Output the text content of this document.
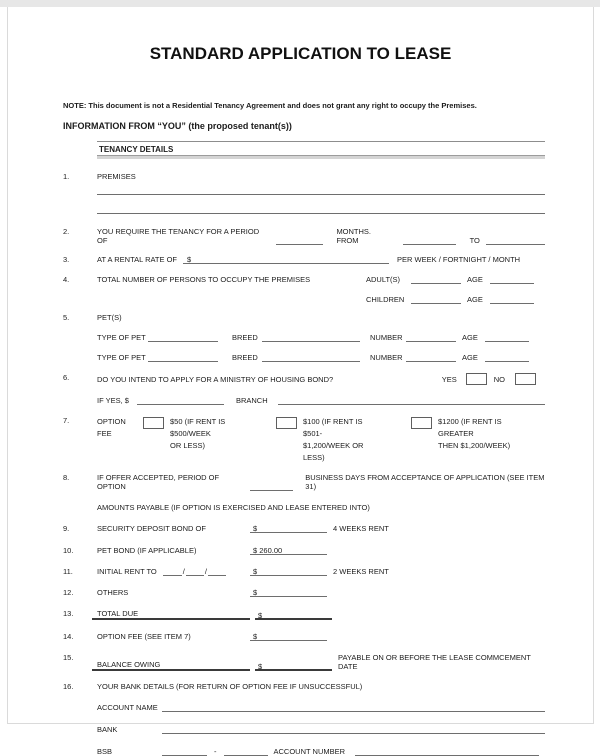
STANDARD APPLICATION TO LEASE
NOTE: This document is not a Residential Tenancy Agreement and does not grant any right to occupy the Premises.
INFORMATION FROM “YOU” (the proposed tenant(s))
TENANCY DETAILS
1.	PREMISES
2.	YOU REQUIRE THE TENANCY FOR A PERIOD OF
MONTHS. FROM	TO
3.	AT A RENTAL RATE OF	$	PER WEEK / FORTNIGHT / MONTH
4.	TOTAL NUMBER OF PERSONS TO OCCUPY THE PREMISES	ADULT(S)	AGE
CHILDREN	AGE
5.	PET(S)
TYPE OF PET	BREED	NUMBER	AGE
TYPE OF PET	BREED	NUMBER	AGE
6.	DO YOU INTEND TO APPLY FOR A MINISTRY OF HOUSING BOND?	YES	NO
IF YES, $	BRANCH
7.	OPTION
FEE
$50 (IF RENT IS $500/WEEK
OR LESS)
$100 (IF RENT IS $501-
$1,200/WEEK OR LESS)
$1200 (IF RENT IS GREATER
THEN $1,200/WEEK)
8.	IF OFFER ACCEPTED, PERIOD OF OPTION
BUSINESS DAYS FROM ACCEPTANCE OF APPLICATION (SEE ITEM 31)
AMOUNTS PAYABLE (IF OPTION IS EXERCISED AND LEASE ENTERED INTO)
9.	SECURITY DEPOSIT BOND OF	$	4 WEEKS RENT
10.	PET BOND (IF APPLICABLE)	$ 260.00
11.	INITIAL RENT TO	/	/	$	2 WEEKS RENT
12.	OTHERS	$
13.	TOTAL DUE	$
14.	OPTION FEE (SEE ITEM 7)	$
15.
BALANCE OWING	$
PAYABLE ON OR BEFORE THE LEASE COMMCEMENT DATE
16.	YOUR BANK DETAILS (FOR RETURN OF OPTION FEE IF UNSUCCESSFUL)
ACCOUNT NAME
BANK
BSB	-	ACCOUNT NUMBER
